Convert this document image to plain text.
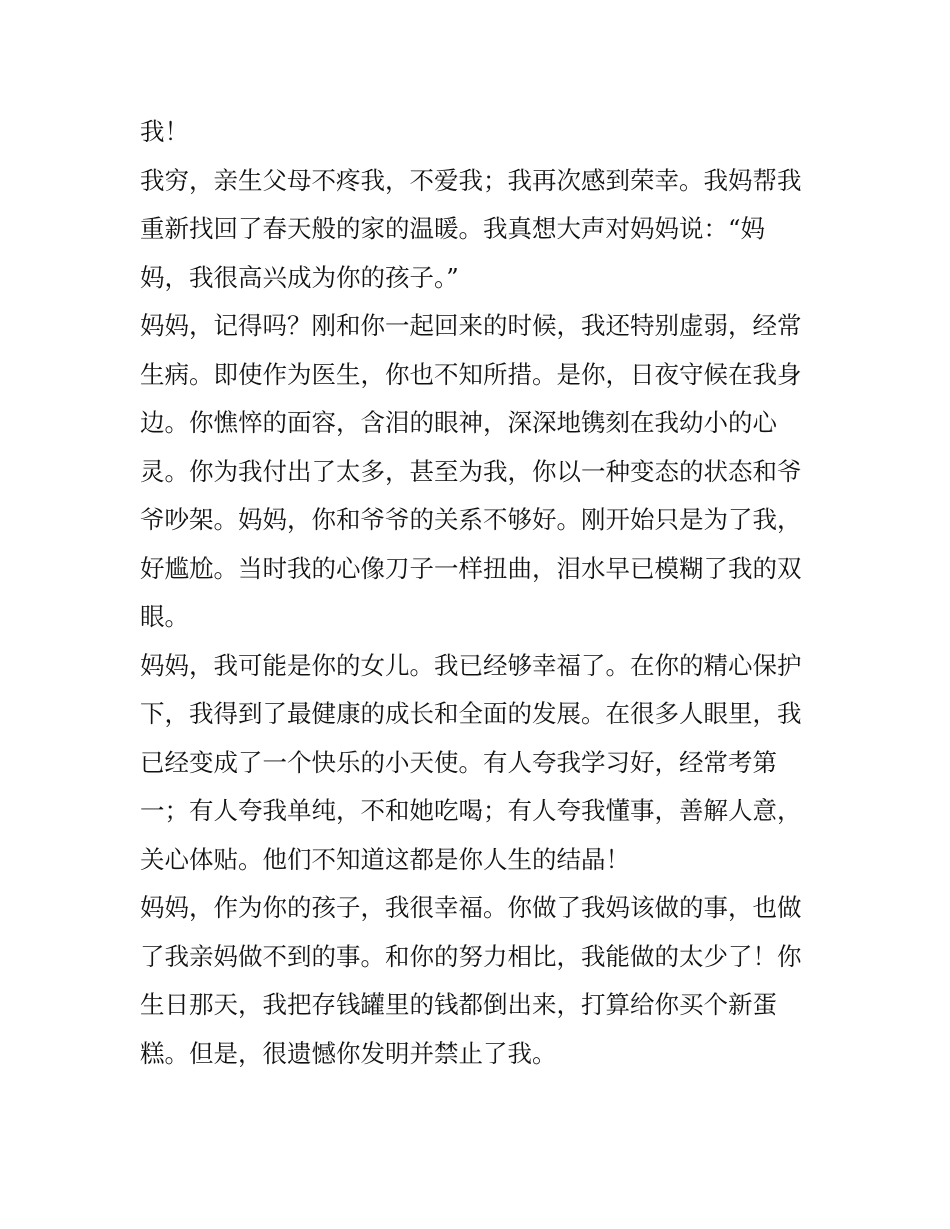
我！
我穷，亲生父母不疼我，不爱我；我再次感到荣幸。我妈帮我
重新找回了春天般的家的温暖。我真想大声对妈妈说：“妈
妈，我很高兴成为你的孩子。”
妈妈，记得吗？刚和你一起回来的时候，我还特别虚弱，经常
生病。即使作为医生，你也不知所措。是你，日夜守候在我身
边。你憔悴的面容，含泪的眼神，深深地镌刻在我幼小的心
灵。你为我付出了太多，甚至为我，你以一种变态的状态和爷
爷吵架。妈妈，你和爷爷的关系不够好。刚开始只是为了我，
好尴尬。当时我的心像刀子一样扭曲，泪水早已模糊了我的双
眼。
妈妈，我可能是你的女儿。我已经够幸福了。在你的精心保护
下，我得到了最健康的成长和全面的发展。在很多人眼里，我
已经变成了一个快乐的小天使。有人夸我学习好，经常考第
一；有人夸我单纯，不和她吃喝；有人夸我懂事，善解人意，
关心体贴。他们不知道这都是你人生的结晶！
妈妈，作为你的孩子，我很幸福。你做了我妈该做的事，也做
了我亲妈做不到的事。和你的努力相比，我能做的太少了！你
生日那天，我把存钱罐里的钱都倒出来，打算给你买个新蛋
糕。但是，很遗憾你发明并禁止了我。
